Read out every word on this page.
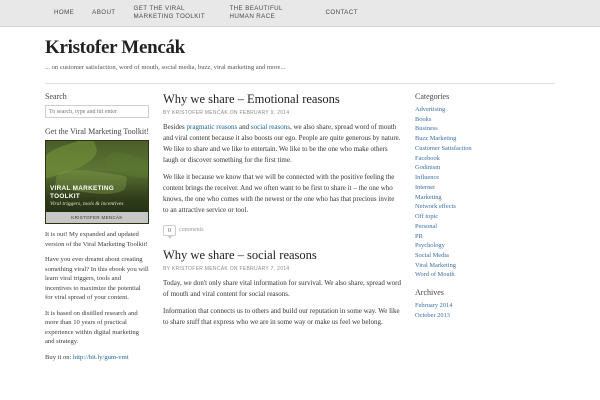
HOME	ABOUT
GET THE VIRAL MARKETING TOOLKIT
THE BEAUTIFUL HUMAN RACE
CONTACT
Kristofer Mencák
... on customer satisfaction, word of mouth, social media, buzz, viral marketing and more...
Search
To search, type and hit enter
Get the Viral Marketing Toolkit!
VIRAL MARKETING TOOLKIT
Viral triggers, tools & incentives
KRISTOFER MENCÁK

It is out! My expanded and updated version of the Viral Marketing Toolkit!

Have you ever dreamt about creating something viral? In this ebook you will learn viral triggers, tools and incentives to maximize the potential for viral spread of your content.

It is based on distilled research and more than 10 years of practical experience within digital marketing and strategy.

Buy it on: http://bit.ly/gum-vmt

Why we share – Emotional reasons
BY KRISTOFER MENCÁK ON FEBRUARY 9, 2014

Besides pragmatic reasons and social reasons, we also share, spread word of mouth and viral content because it also boosts our ego. People are quite generous by nature. We like to share and we like to entertain. We like to be the one who make others laugh or discover something for the first time.

We like it because we know that we will be connected with the positive feeling the content brings the receiver. And we often want to be first to share it – the one who knows, the one who comes with the newest or the one who has that precious invite to an attractive service or tool.

0	comments
Why we share – social reasons
BY KRISTOFER MENCÁK ON FEBRUARY 7, 2014

Today, we don't only share vital information for survival. We also share, spread word of mouth and viral content for social reasons.

Information that connects us to others and build our reputation in some way. We like to share stuff that express who we are in some way or make us feel we belong.

Categories
Advertising
Books
Business
Buzz Marketing
Customer Satisfaction
Facebook
Godinism
Influence
Internet
Marketing
Network effects
Off topic
Personal
PR
Psychology
Social Media
Viral Marketing
Word of Mouth
Archives
February 2014
October 2013
